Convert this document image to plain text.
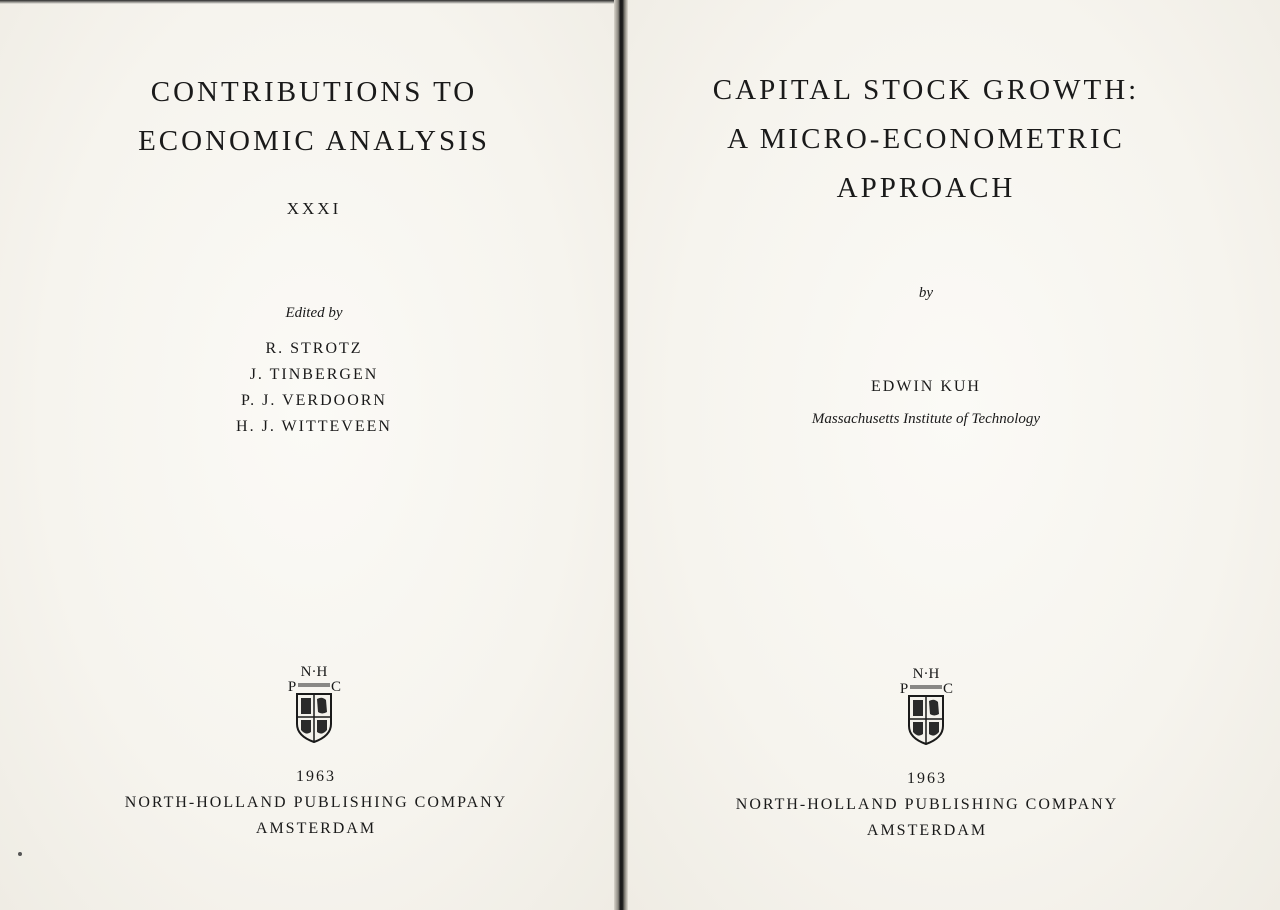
CONTRIBUTIONS TO
ECONOMIC ANALYSIS
XXXI
Edited by
R. STROTZ
J. TINBERGEN
P. J. VERDOORN
H. J. WITTEVEEN
N·H
P C
1963
NORTH-HOLLAND PUBLISHING COMPANY
AMSTERDAM
CAPITAL STOCK GROWTH:
A MICRO-ECONOMETRIC
APPROACH
by
EDWIN KUH
Massachusetts Institute of Technology
N·H
P C
1963
NORTH-HOLLAND PUBLISHING COMPANY
AMSTERDAM
